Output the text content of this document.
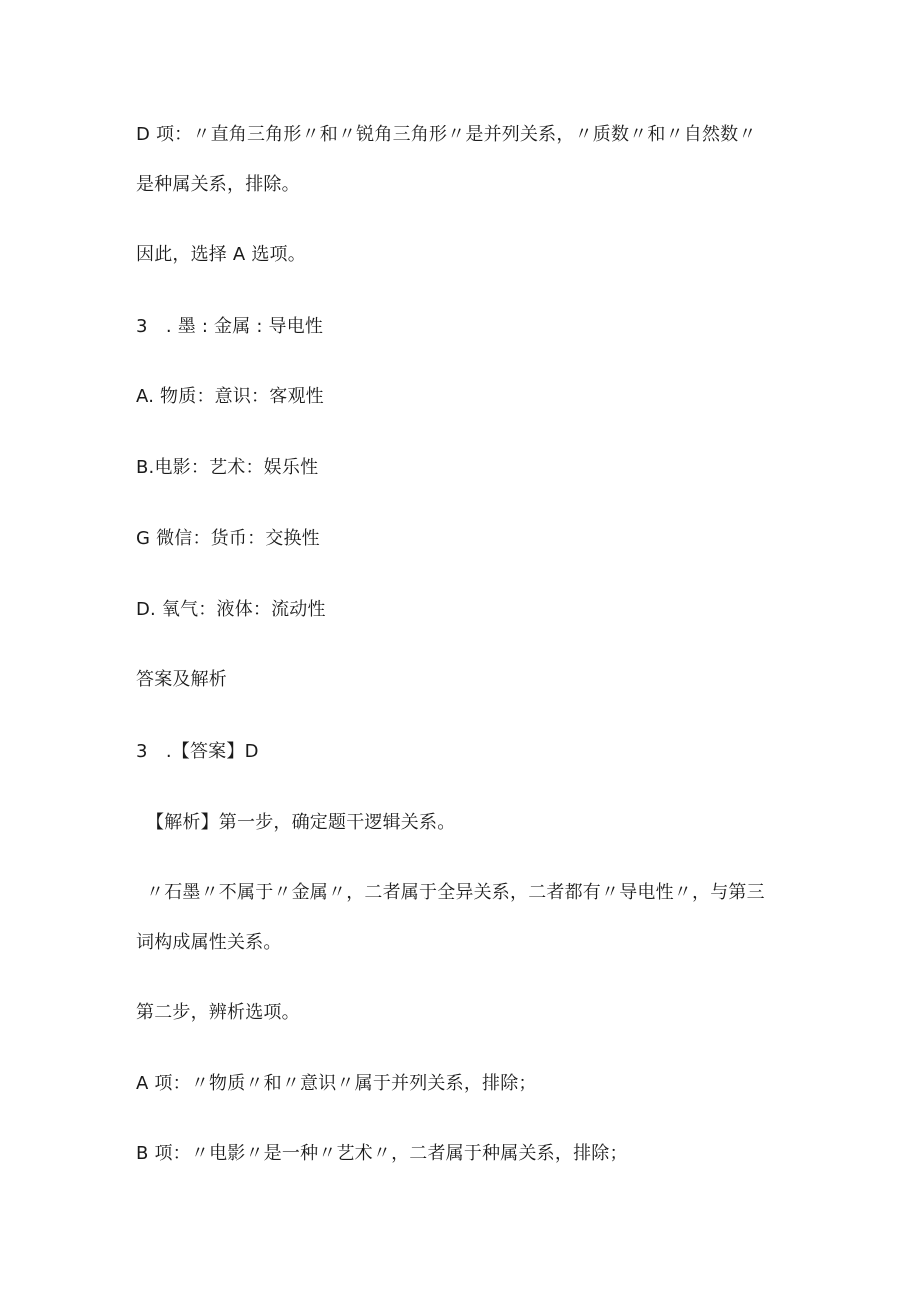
D 项：〃直角三角形〃和〃锐角三角形〃是并列关系，〃质数〃和〃自然数〃
是种属关系，排除。
因此，选择 A 选项。
3　. 墨 : 金属 : 导电性
A. 物质：意识：客观性
B.电影：艺术：娱乐性
G 微信：货币：交换性
D. 氧气：液体：流动性
答案及解析
3　.【答案】D
【解析】第一步，确定题干逻辑关系。
〃石墨〃不属于〃金属〃，二者属于全异关系，二者都有〃导电性〃，与第三
词构成属性关系。
第二步，辨析选项。
A 项：〃物质〃和〃意识〃属于并列关系，排除；
B 项：〃电影〃是一种〃艺术〃，二者属于种属关系，排除；
